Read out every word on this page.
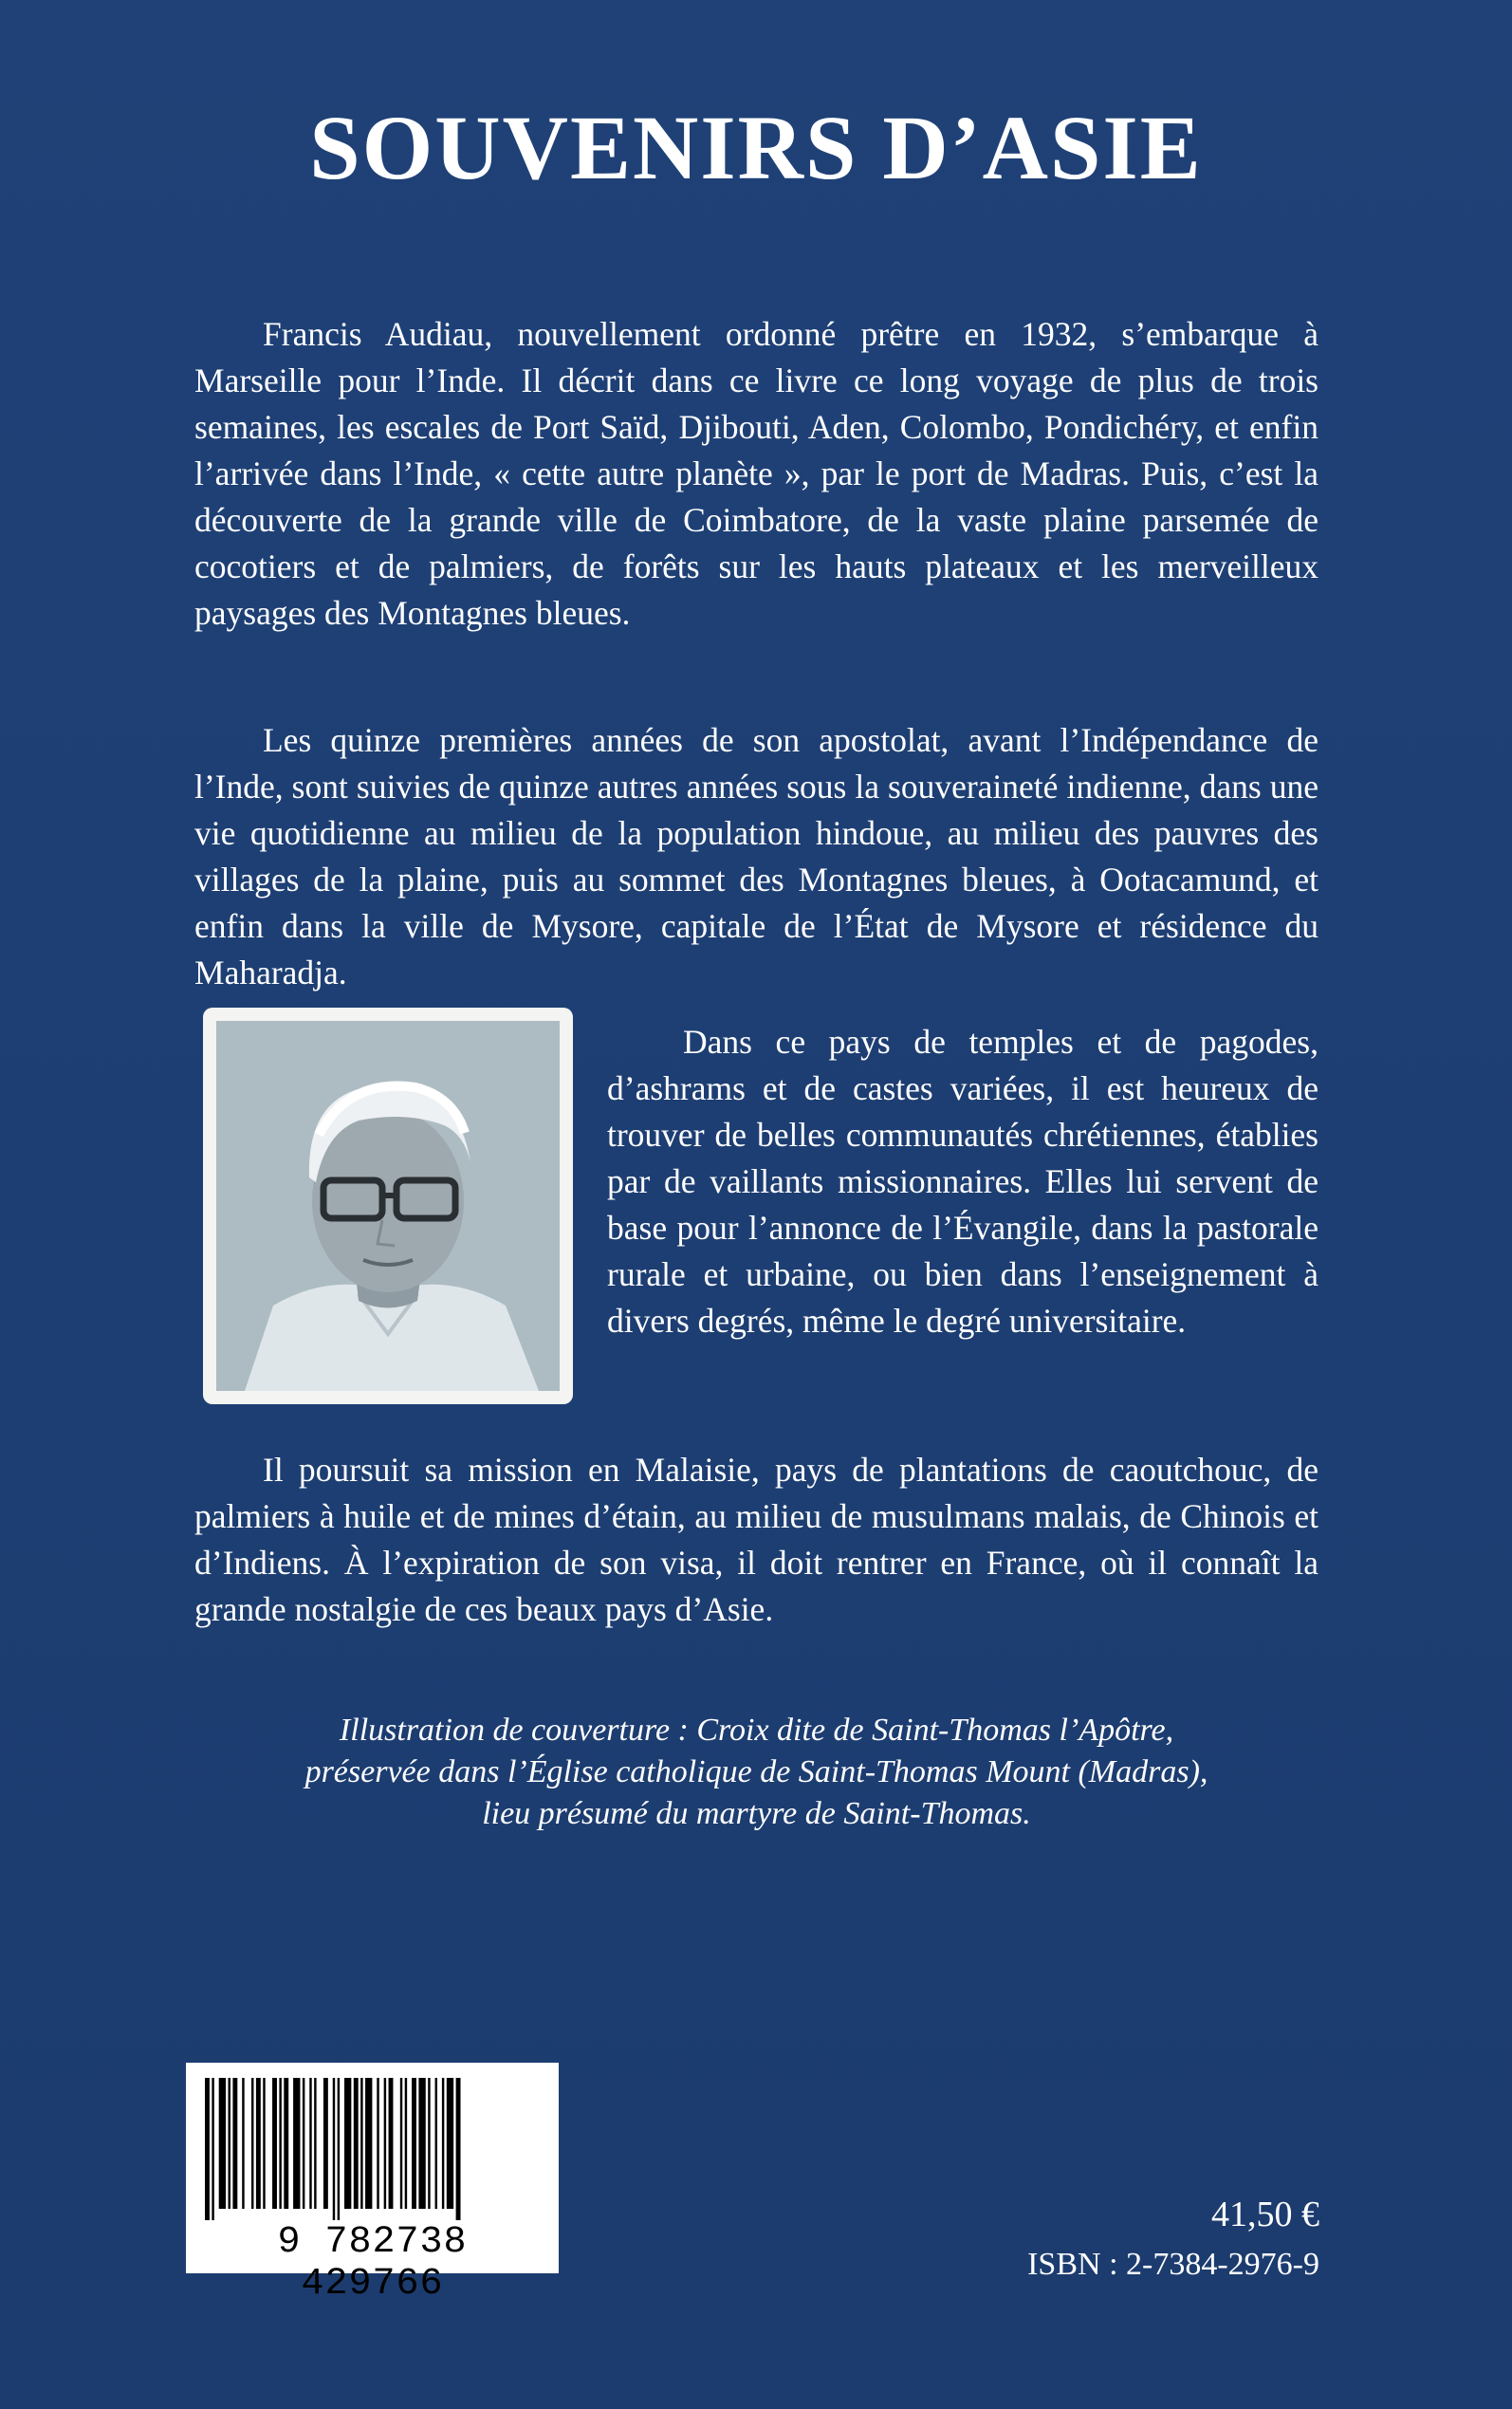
SOUVENIRS D’ASIE

Francis Audiau, nouvellement ordonné prêtre en 1932, s’embarque à Marseille pour l’Inde. Il décrit dans ce livre ce long voyage de plus de trois semaines, les escales de Port Saïd, Djibouti, Aden, Colombo, Pondichéry, et enfin l’arrivée dans l’Inde, « cette autre planète », par le port de Madras. Puis, c’est la découverte de la grande ville de Coimbatore, de la vaste plaine parsemée de cocotiers et de palmiers, de forêts sur les hauts plateaux et les merveilleux paysages des Montagnes bleues.

Les quinze premières années de son apostolat, avant l’Indépendance de l’Inde, sont suivies de quinze autres années sous la souveraineté indienne, dans une vie quotidienne au milieu de la population hindoue, au milieu des pauvres des villages de la plaine, puis au sommet des Montagnes bleues, à Ootacamund, et enfin dans la ville de Mysore, capitale de l’État de Mysore et résidence du Maharadja.

Dans ce pays de temples et de pagodes, d’ashrams et de castes variées, il est heureux de trouver de belles communautés chrétiennes, établies par de vaillants missionnaires. Elles lui servent de base pour l’annonce de l’Évangile, dans la pastorale rurale et urbaine, ou bien dans l’enseignement à divers degrés, même le degré universitaire.

Il poursuit sa mission en Malaisie, pays de plantations de caoutchouc, de palmiers à huile et de mines d’étain, au milieu de musulmans malais, de Chinois et d’Indiens. À l’expiration de son visa, il doit rentrer en France, où il connaît la grande nostalgie de ces beaux pays d’Asie.

Illustration de couverture : Croix dite de Saint-Thomas l’Apôtre,
préservée dans l’Église catholique de Saint-Thomas Mount (Madras),
lieu présumé du martyre de Saint-Thomas.
9 782738 429766
41,50 €
ISBN : 2-7384-2976-9
